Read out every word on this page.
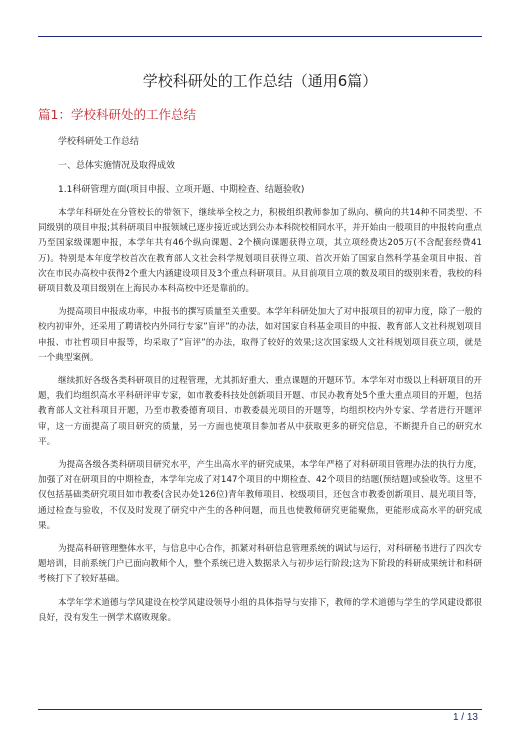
学校科研处的工作总结（通用6篇）
篇1：学校科研处的工作总结

学校科研处工作总结

一、总体实施情况及取得成效

1.1科研管理方面(项目申报、立项开题、中期检查、结题验收)

本学年科研处在分管校长的带领下，继续举全校之力，积极组织教师参加了纵向、横向的共14种不同类型、不同级别的项目申报;其科研项目申报领域已逐步接近或达到公办本科院校相同水平，并开始由一般项目的申报转向重点乃至国家级课题申报，本学年共有46个纵向课题、2个横向课题获得立项，其立项经费达205万(不含配套经费41万)。特别是本年度学校首次在教育部人文社会科学规划项目获得立项、首次开始了国家自然科学基金项目申报、首次在市民办高校中获得2个重大内涵建设项目及3个重点科研项目。从目前项目立项的数及项目的级别来看，我校的科研项目数及项目级别在上海民办本科高校中还是靠前的。

为提高项目申报成功率，申报书的撰写质量至关重要。本学年科研处加大了对申报项目的初审力度，除了一般的校内初审外，还采用了聘请校内外同行专家”盲评”的办法，如对国家自科基金项目的申报、教育部人文社科规划项目申报、市社哲项目申报等，均采取了”盲评”的办法，取得了较好的效果;这次国家级人文社科规划项目获立项，就是一个典型案例。

继续抓好各级各类科研项目的过程管理，尤其抓好重大、重点课题的开题环节。本学年对市级以上科研项目的开题，我们均组织高水平科研评审专家，如市教委科技处创新项目开题、市民办教育处5个重大重点项目的开题，包括教育部人文社科项目开题，乃至市教委德育项目、市教委晨光项目的开题等，均组织校内外专家、学者进行开题评审，这一方面提高了项目研究的质量，另一方面也使项目参加者从中获取更多的研究信息，不断提升自己的研究水平。

为提高各级各类科研项目研究水平，产生出高水平的研究成果，本学年严格了对科研项目管理办法的执行力度，加强了对在研项目的中期检查，本学年完成了对147个项目的中期检查、42个项目的结题(预结题)或验收等。这里不仅包括基础类研究项目如市教委(含民办处126位)青年教师项目、校级项目，还包含市教委创新项目、晨光项目等，通过检查与验收，不仅及时发现了研究中产生的各种问题，而且也使教师研究更能聚焦，更能形成高水平的研究成果。

为提高科研管理整体水平，与信息中心合作，抓紧对科研信息管理系统的调试与运行，对科研秘书进行了四次专题培训，目前系统门户已面向教师个人，整个系统已进入数据录入与初步运行阶段;这为下阶段的科研成果统计和科研考核打下了较好基础。

本学年学术道德与学风建设在校学风建设领导小组的具体指导与安排下，教师的学术道德与学生的学风建设都很良好，没有发生一例学术腐败现象。

1 / 13
